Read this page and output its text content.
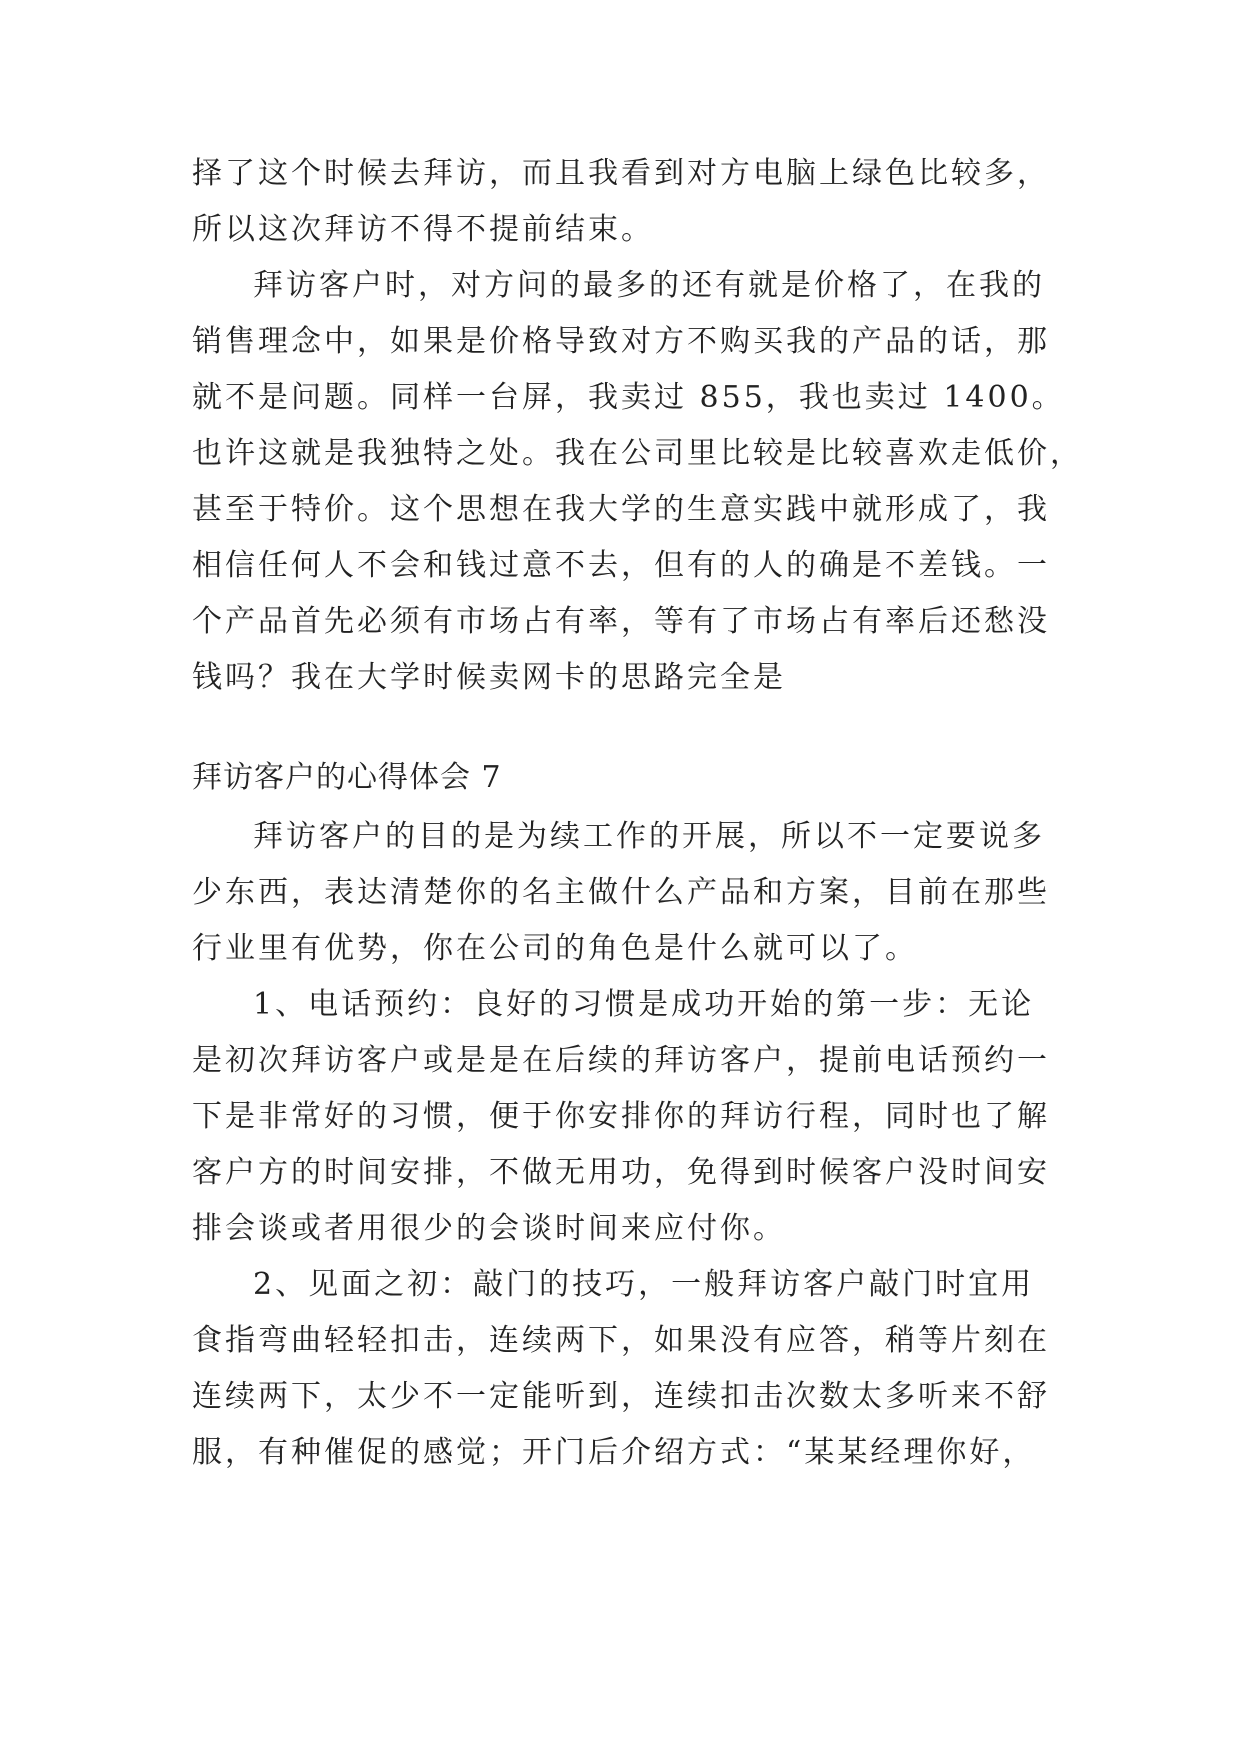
择了这个时候去拜访，而且我看到对方电脑上绿色比较多，
所以这次拜访不得不提前结束。
拜访客户时，对方问的最多的还有就是价格了，在我的
销售理念中，如果是价格导致对方不购买我的产品的话，那
就不是问题。同样一台屏，我卖过 855，我也卖过 1400。
也许这就是我独特之处。我在公司里比较是比较喜欢走低价，
甚至于特价。这个思想在我大学的生意实践中就形成了，我
相信任何人不会和钱过意不去，但有的人的确是不差钱。一
个产品首先必须有市场占有率，等有了市场占有率后还愁没
钱吗？我在大学时候卖网卡的思路完全是
拜访客户的心得体会 7
拜访客户的目的是为续工作的开展，所以不一定要说多
少东西，表达清楚你的名主做什么产品和方案，目前在那些
行业里有优势，你在公司的角色是什么就可以了。
1、电话预约：良好的习惯是成功开始的第一步：无论
是初次拜访客户或是是在后续的拜访客户，提前电话预约一
下是非常好的习惯，便于你安排你的拜访行程，同时也了解
客户方的时间安排，不做无用功，免得到时候客户没时间安
排会谈或者用很少的会谈时间来应付你。
2、见面之初：敲门的技巧，一般拜访客户敲门时宜用
食指弯曲轻轻扣击，连续两下，如果没有应答，稍等片刻在
连续两下，太少不一定能听到，连续扣击次数太多听来不舒
服，有种催促的感觉；开门后介绍方式：“某某经理你好，
